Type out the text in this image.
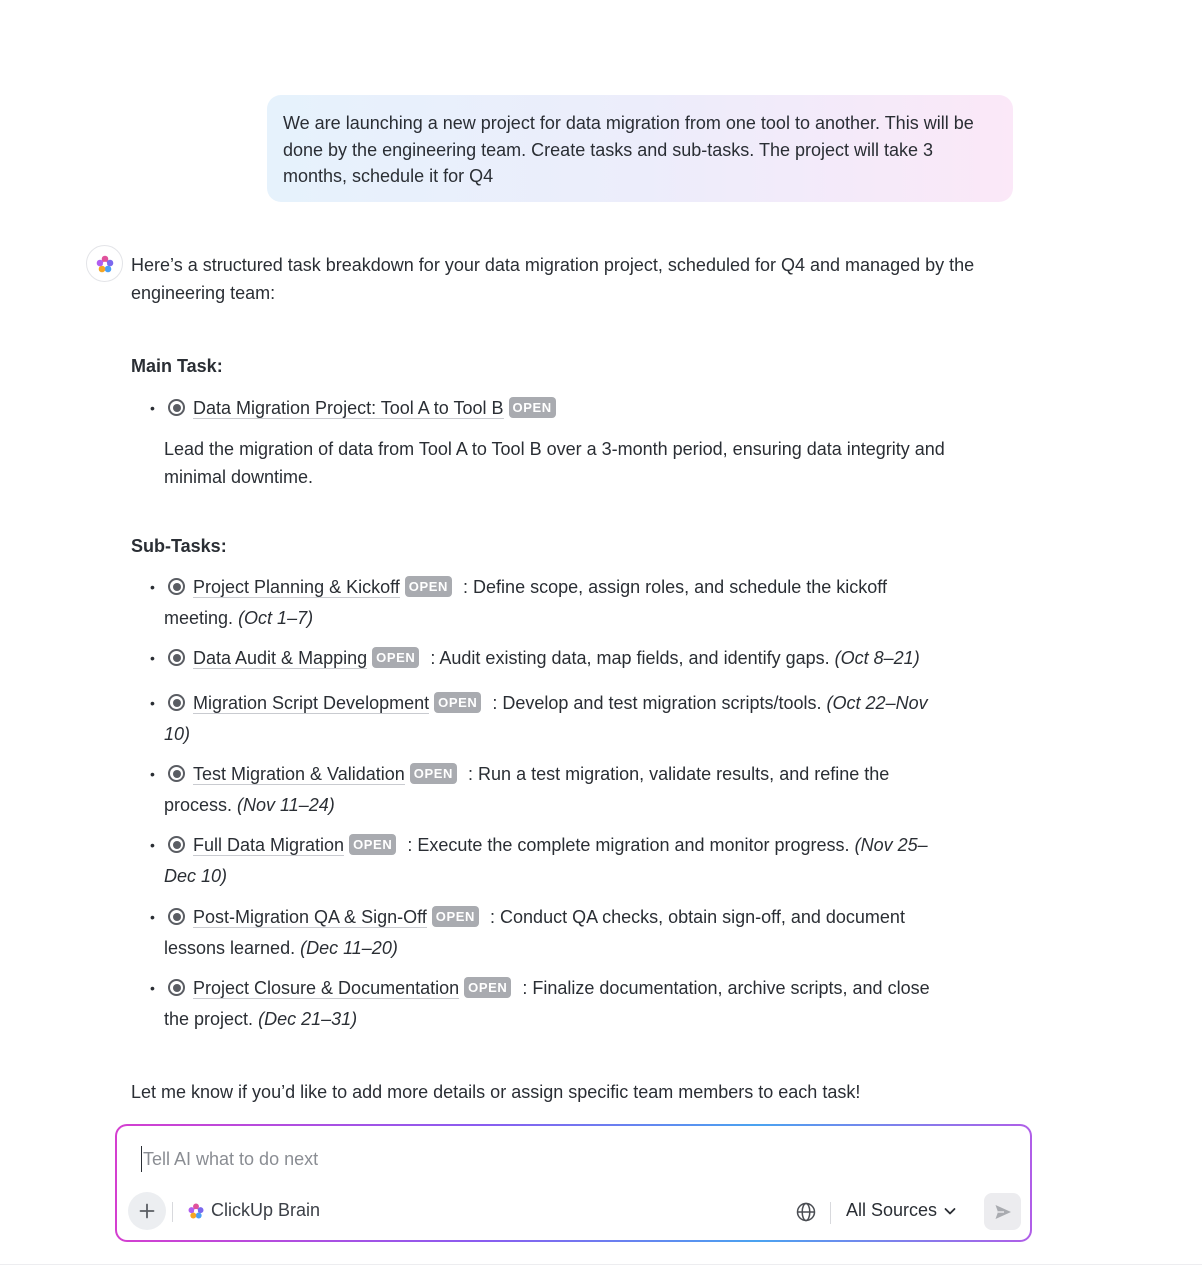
We are launching a new project for data migration from one tool to another. This will be done by the engineering team. Create tasks and sub-tasks. The project will take 3 months, schedule it for Q4
Here’s a structured task breakdown for your data migration project, scheduled for Q4 and managed by the engineering team:
Main Task:
•	Data Migration Project: Tool A to Tool B OPEN
Lead the migration of data from Tool A to Tool B over a 3-month period, ensuring data integrity and minimal downtime.
Sub-Tasks:
•	Project Planning & Kickoff OPEN : Define scope, assign roles, and schedule the kickoff
meeting. (Oct 1–7)
•	Data Audit & Mapping OPEN : Audit existing data, map fields, and identify gaps. (Oct 8–21)
•	Migration Script Development OPEN : Develop and test migration scripts/tools. (Oct 22–Nov
10)
•	Test Migration & Validation OPEN : Run a test migration, validate results, and refine the
process. (Nov 11–24)
•	Full Data Migration OPEN : Execute the complete migration and monitor progress. (Nov 25–
Dec 10)
•	Post-Migration QA & Sign-Off OPEN : Conduct QA checks, obtain sign-off, and document
lessons learned. (Dec 11–20)
•	Project Closure & Documentation OPEN : Finalize documentation, archive scripts, and close
the project. (Dec 21–31)
Let me know if you’d like to add more details or assign specific team members to each task!
Tell AI what to do next
ClickUp Brain	All Sources
